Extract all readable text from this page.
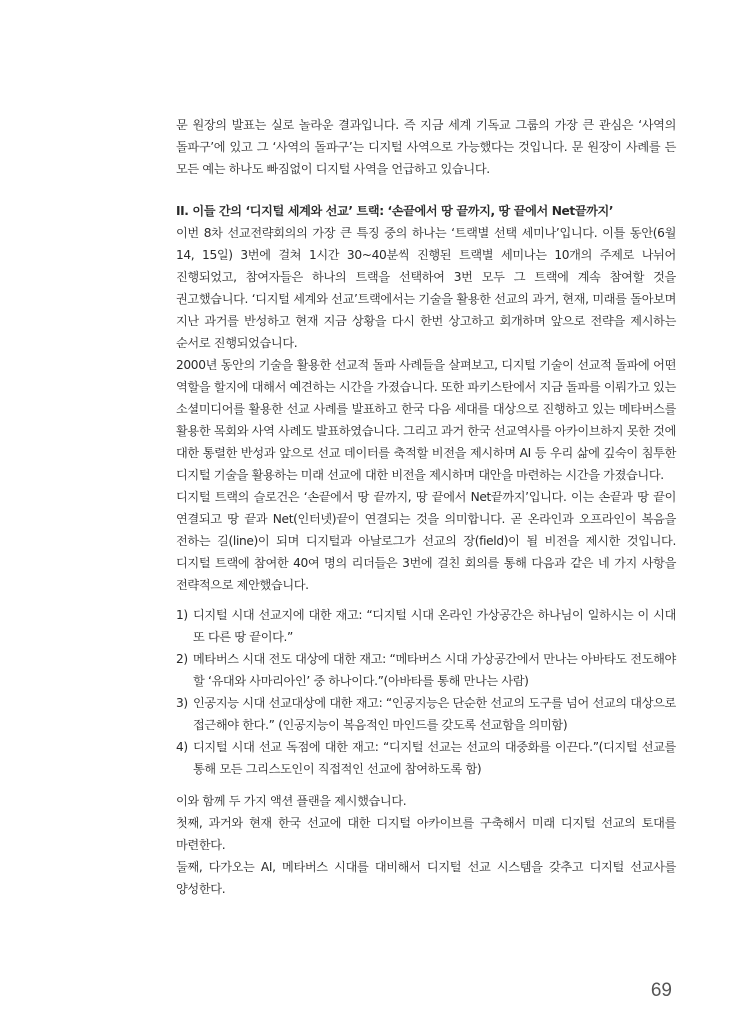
문 원장의 발표는 실로 놀라운 결과입니다. 즉 지금 세계 기독교 그룹의 가장 큰 관심은 ‘사역의 돌파구’에 있고 그 ‘사역의 돌파구’는 디지털 사역으로 가능했다는 것입니다. 문 원장이 사례를 든 모든 예는 하나도 빠짐없이 디지털 사역을 언급하고 있습니다.

II. 이들 간의 ‘디지털 세계와 선교’ 트랙: ‘손끝에서 땅 끝까지, 땅 끝에서 Net끝까지’

이번 8차 선교전략회의의 가장 큰 특징 중의 하나는 ‘트랙별 선택 세미나’입니다. 이틀 동안(6월 14, 15일) 3번에 걸쳐 1시간 30~40분씩 진행된 트랙별 세미나는 10개의 주제로 나뉘어 진행되었고, 참여자들은 하나의 트랙을 선택하여 3번 모두 그 트랙에 계속 참여할 것을 권고했습니다. ‘디지털 세계와 선교’트랙에서는 기술을 활용한 선교의 과거, 현재, 미래를 돌아보며 지난 과거를 반성하고 현재 지금 상황을 다시 한번 상고하고 회개하며 앞으로 전략을 제시하는 순서로 진행되었습니다.

2000년 동안의 기술을 활용한 선교적 돌파 사례들을 살펴보고, 디지털 기술이 선교적 돌파에 어떤 역할을 할지에 대해서 예견하는 시간을 가졌습니다. 또한 파키스탄에서 지금 돌파를 이뤄가고 있는 소셜미디어를 활용한 선교 사례를 발표하고 한국 다음 세대를 대상으로 진행하고 있는 메타버스를 활용한 목회와 사역 사례도 발표하였습니다. 그리고 과거 한국 선교역사를 아카이브하지 못한 것에 대한 통렬한 반성과 앞으로 선교 데이터를 축적할 비전을 제시하며 AI 등 우리 삶에 깊숙이 침투한 디지털 기술을 활용하는 미래 선교에 대한 비전을 제시하며 대안을 마련하는 시간을 가졌습니다.

디지털 트랙의 슬로건은 ‘손끝에서 땅 끝까지, 땅 끝에서 Net끝까지’입니다. 이는 손끝과 땅 끝이 연결되고 땅 끝과 Net(인터넷)끝이 연결되는 것을 의미합니다. 곧 온라인과 오프라인이 복음을 전하는 길(line)이 되며 디지털과 아날로그가 선교의 장(field)이 될 비전을 제시한 것입니다. 디지털 트랙에 참여한 40여 명의 리더들은 3번에 걸친 회의를 통해 다음과 같은 네 가지 사항을 전략적으로 제안했습니다.

1) 디지털 시대 선교지에 대한 재고: “디지털 시대 온라인 가상공간은 하나님이 일하시는 이 시대 또 다른 땅 끝이다.”
2) 메타버스 시대 전도 대상에 대한 재고: “메타버스 시대 가상공간에서 만나는 아바타도 전도해야 할 ‘유대와 사마리아인’ 중 하나이다.”(아바타를 통해 만나는 사람)
3) 인공지능 시대 선교대상에 대한 재고: “인공지능은 단순한 선교의 도구를 넘어 선교의 대상으로 접근해야 한다.” (인공지능이 복음적인 마인드를 갖도록 선교함을 의미함)
4) 디지털 시대 선교 독점에 대한 재고: “디지털 선교는 선교의 대중화를 이끈다.”(디지털 선교를 통해 모든 그리스도인이 직접적인 선교에 참여하도록 함)

이와 함께 두 가지 액션 플랜을 제시했습니다.

첫째, 과거와 현재 한국 선교에 대한 디지털 아카이브를 구축해서 미래 디지털 선교의 토대를 마련한다.

둘째, 다가오는 AI, 메타버스 시대를 대비해서 디지털 선교 시스템을 갖추고 디지털 선교사를 양성한다.

69
